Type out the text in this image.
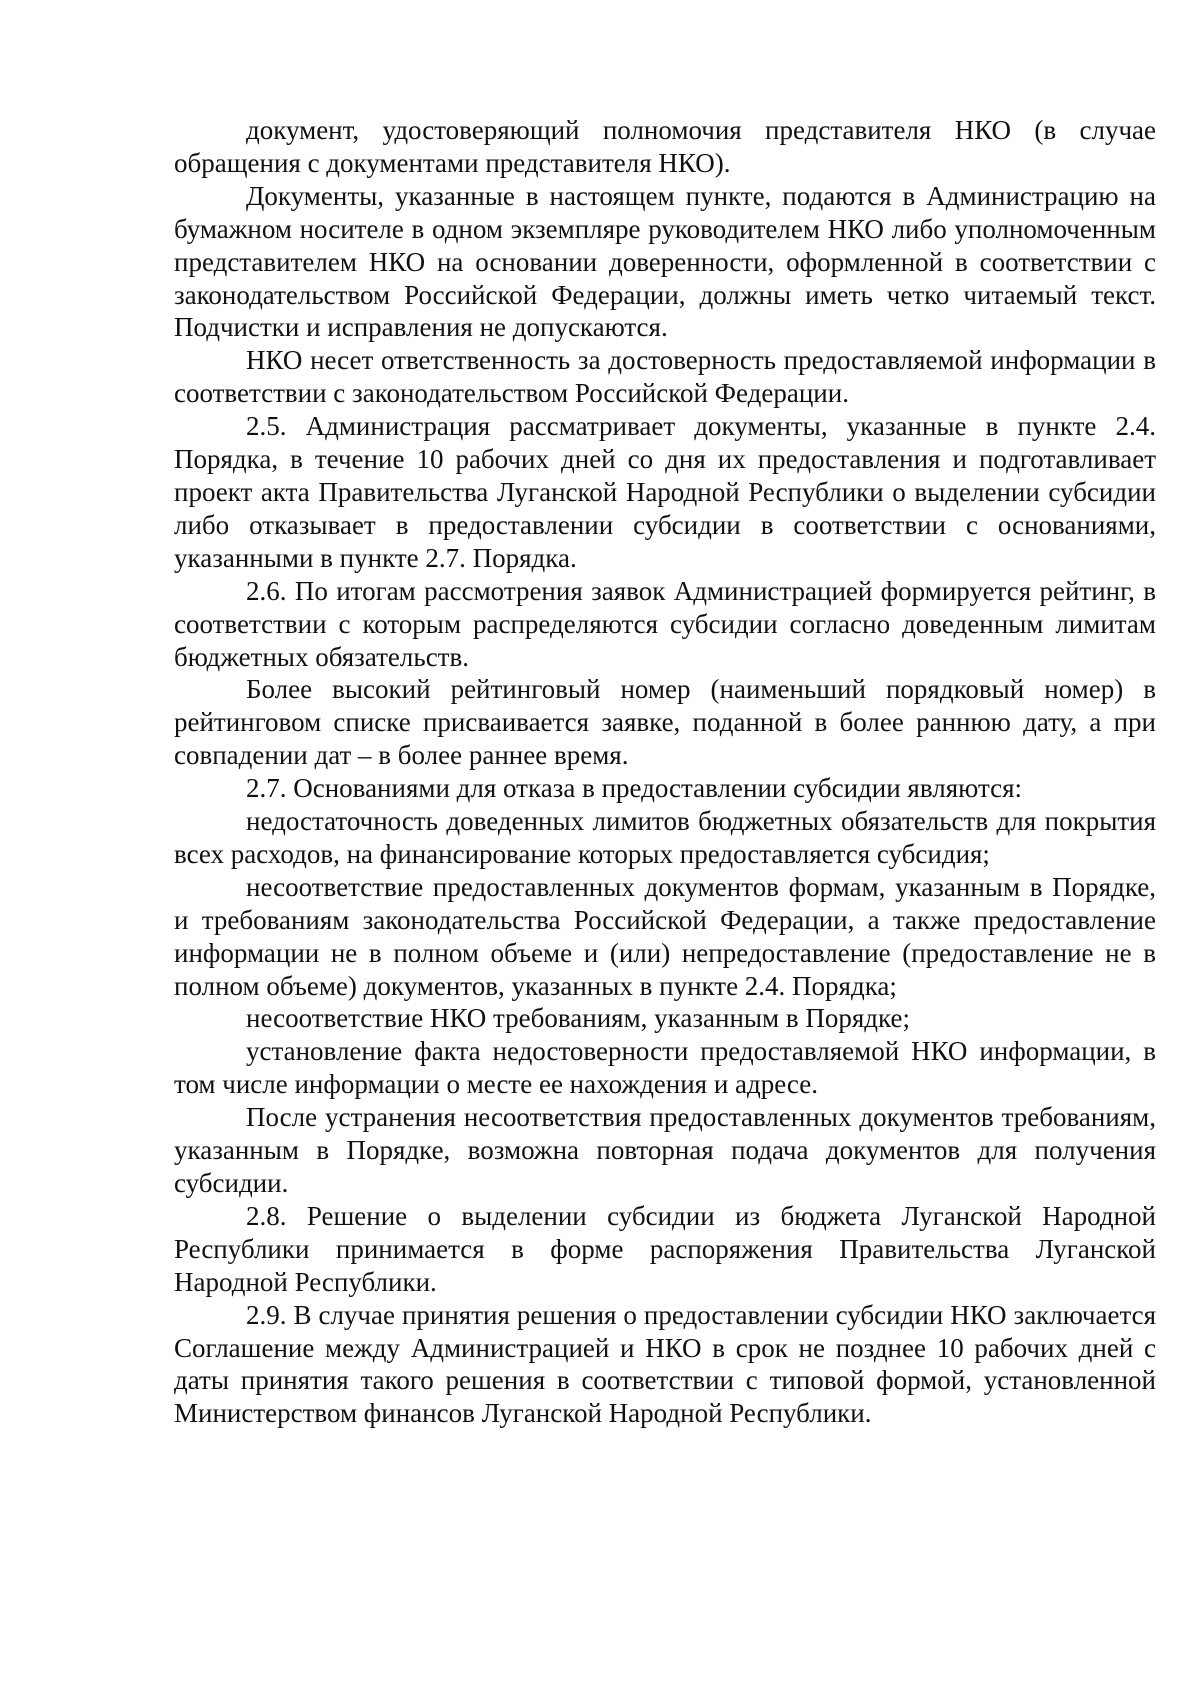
документ, удостоверяющий полномочия представителя НКО (в случае обращения с документами представителя НКО).

Документы, указанные в настоящем пункте, подаются в Администрацию на бумажном носителе в одном экземпляре руководителем НКО либо уполномоченным представителем НКО на основании доверенности, оформленной в соответствии с законодательством Российской Федерации, должны иметь четко читаемый текст. Подчистки и исправления не допускаются.

НКО несет ответственность за достоверность предоставляемой информации в соответствии с законодательством Российской Федерации.

2.5. Администрация рассматривает документы, указанные в пункте 2.4. Порядка, в течение 10 рабочих дней со дня их предоставления и подготавливает проект акта Правительства Луганской Народной Республики о выделении субсидии либо отказывает в предоставлении субсидии в соответствии с основаниями, указанными в пункте 2.7. Порядка.

2.6. По итогам рассмотрения заявок Администрацией формируется рейтинг, в соответствии с которым распределяются субсидии согласно доведенным лимитам бюджетных обязательств.

Более высокий рейтинговый номер (наименьший порядковый номер) в рейтинговом списке присваивается заявке, поданной в более раннюю дату, а при совпадении дат – в более раннее время.

2.7. Основаниями для отказа в предоставлении субсидии являются:

недостаточность доведенных лимитов бюджетных обязательств для покрытия всех расходов, на финансирование которых предоставляется субсидия;

несоответствие предоставленных документов формам, указанным в Порядке, и требованиям законодательства Российской Федерации, а также предоставление информации не в полном объеме и (или) непредоставление (предоставление не в полном объеме) документов, указанных в пункте 2.4. Порядка;

несоответствие НКО требованиям, указанным в Порядке;

установление факта недостоверности предоставляемой НКО информации, в том числе информации о месте ее нахождения и адресе.

После устранения несоответствия предоставленных документов требованиям, указанным в Порядке, возможна повторная подача документов для получения субсидии.

2.8. Решение о выделении субсидии из бюджета Луганской Народной Республики принимается в форме распоряжения Правительства Луганской Народной Республики.

2.9. В случае принятия решения о предоставлении субсидии НКО заключается Соглашение между Администрацией и НКО в срок не позднее 10 рабочих дней с даты принятия такого решения в соответствии с типовой формой, установленной Министерством финансов Луганской Народной Республики.
